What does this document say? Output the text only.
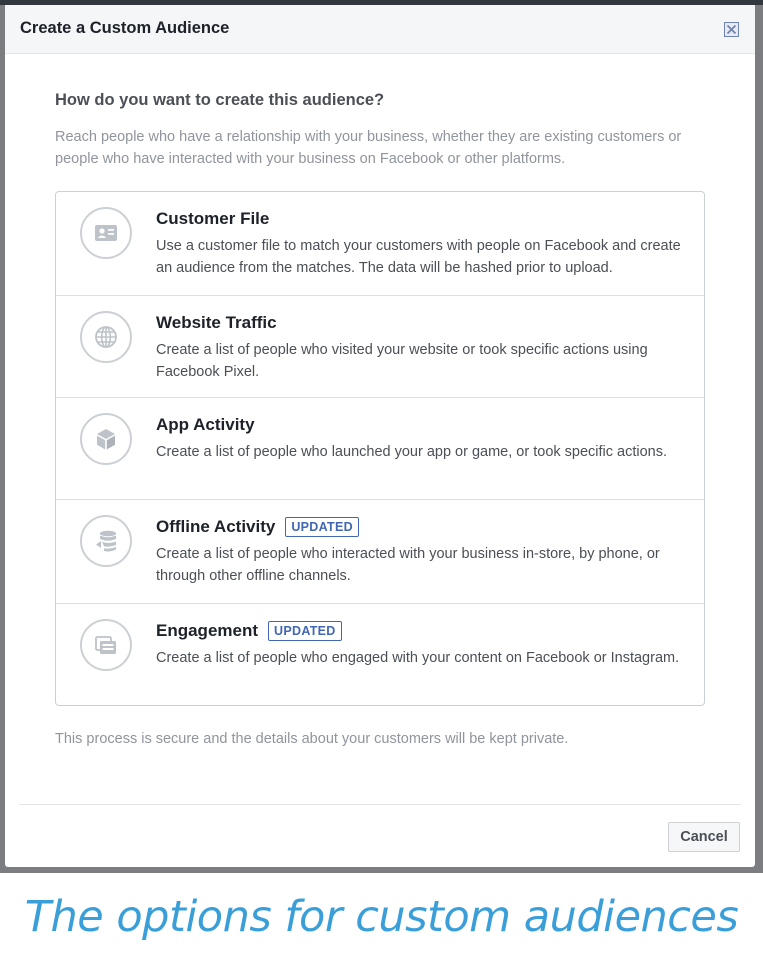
Create a Custom Audience
How do you want to create this audience?
Reach people who have a relationship with your business, whether they are existing customers or people who have interacted with your business on Facebook or other platforms.
Customer File
Use a customer file to match your customers with people on Facebook and create an audience from the matches. The data will be hashed prior to upload.
Website Traffic
Create a list of people who visited your website or took specific actions using Facebook Pixel.
App Activity
Create a list of people who launched your app or game, or took specific actions.
Offline Activity	UPDATED
Create a list of people who interacted with your business in-store, by phone, or through other offline channels.
Engagement	UPDATED
Create a list of people who engaged with your content on Facebook or Instagram.
This process is secure and the details about your customers will be kept private.
Cancel
The options for custom audiences
